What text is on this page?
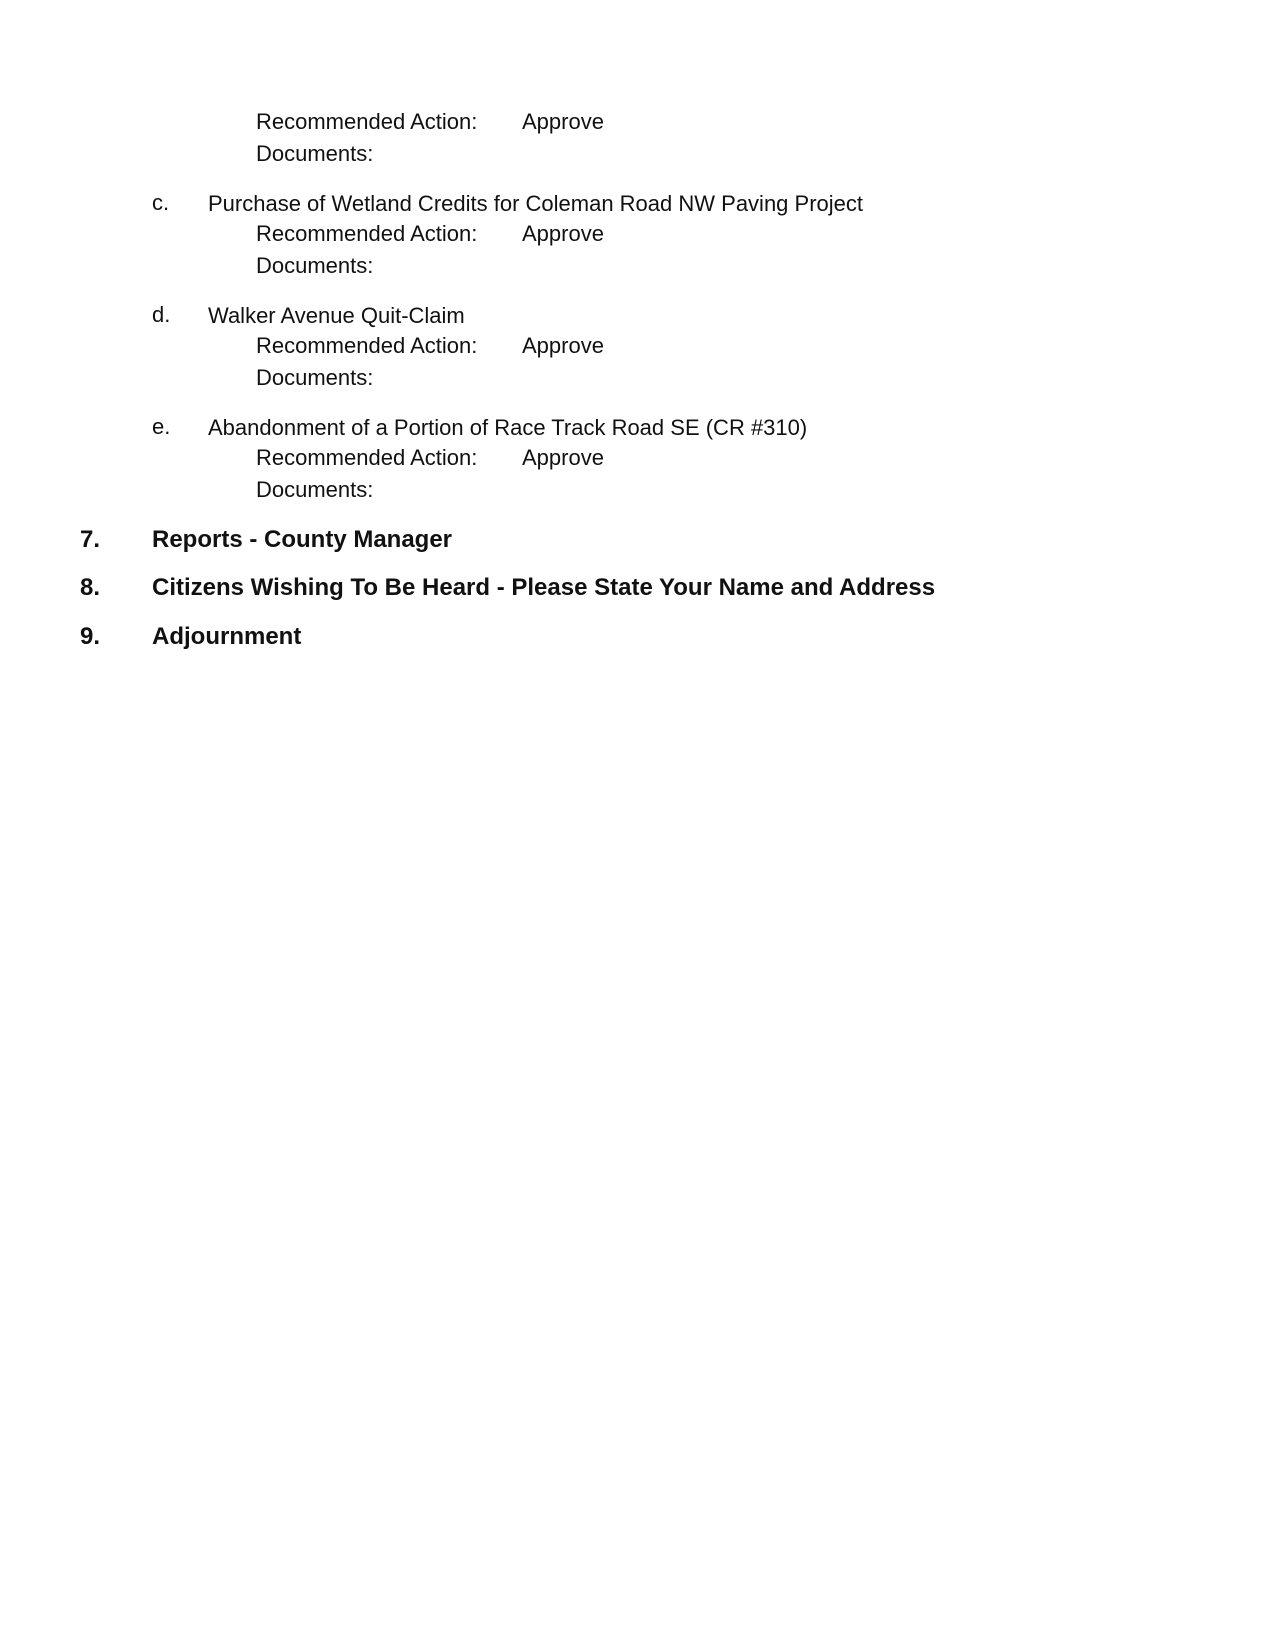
Recommended Action: Approve
Documents:
c. Purchase of Wetland Credits for Coleman Road NW Paving Project
Recommended Action: Approve
Documents:
d. Walker Avenue Quit-Claim
Recommended Action: Approve
Documents:
e. Abandonment of a Portion of Race Track Road SE (CR #310)
Recommended Action: Approve
Documents:
7. Reports - County Manager
8. Citizens Wishing To Be Heard - Please State Your Name and Address
9. Adjournment
